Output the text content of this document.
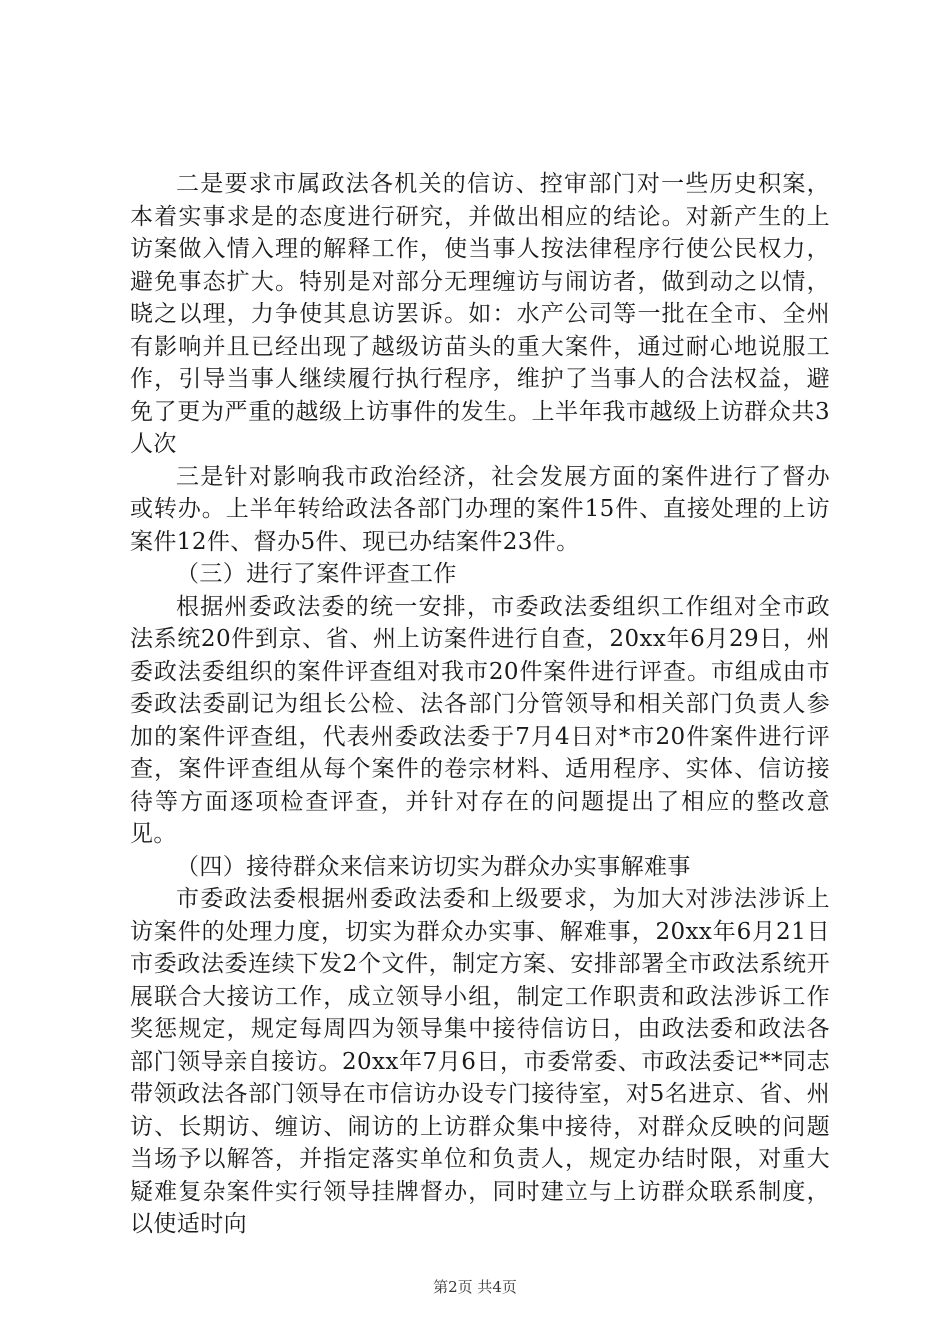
二是要求市属政法各机关的信访、控审部门对一些历史积案，本着实事求是的态度进行研究，并做出相应的结论。对新产生的上访案做入情入理的解释工作，使当事人按法律程序行使公民权力，避免事态扩大。特别是对部分无理缠访与闹访者，做到动之以情，晓之以理，力争使其息访罢诉。如：水产公司等一批在全市、全州有影响并且已经出现了越级访苗头的重大案件，通过耐心地说服工作，引导当事人继续履行执行程序，维护了当事人的合法权益，避免了更为严重的越级上访事件的发生。上半年我市越级上访群众共3人次

三是针对影响我市政治经济，社会发展方面的案件进行了督办或转办。上半年转给政法各部门办理的案件15件、直接处理的上访案件12件、督办5件、现已办结案件23件。

（三）进行了案件评查工作

根据州委政法委的统一安排，市委政法委组织工作组对全市政法系统20件到京、省、州上访案件进行自查，20xx年6月29日，州委政法委组织的案件评查组对我市20件案件进行评查。市组成由市委政法委副记为组长公检、法各部门分管领导和相关部门负责人参加的案件评查组，代表州委政法委于7月4日对*市20件案件进行评查，案件评查组从每个案件的卷宗材料、适用程序、实体、信访接待等方面逐项检查评查，并针对存在的问题提出了相应的整改意见。

（四）接待群众来信来访切实为群众办实事解难事

市委政法委根据州委政法委和上级要求，为加大对涉法涉诉上访案件的处理力度，切实为群众办实事、解难事，20xx年6月21日市委政法委连续下发2个文件，制定方案、安排部署全市政法系统开展联合大接访工作，成立领导小组，制定工作职责和政法涉诉工作奖惩规定，规定每周四为领导集中接待信访日，由政法委和政法各部门领导亲自接访。20xx年7月6日，市委常委、市政法委记**同志带领政法各部门领导在市信访办设专门接待室，对5名进京、省、州访、长期访、缠访、闹访的上访群众集中接待，对群众反映的问题当场予以解答，并指定落实单位和负责人，规定办结时限，对重大疑难复杂案件实行领导挂牌督办，同时建立与上访群众联系制度，以使适时向

第2页 共4页
